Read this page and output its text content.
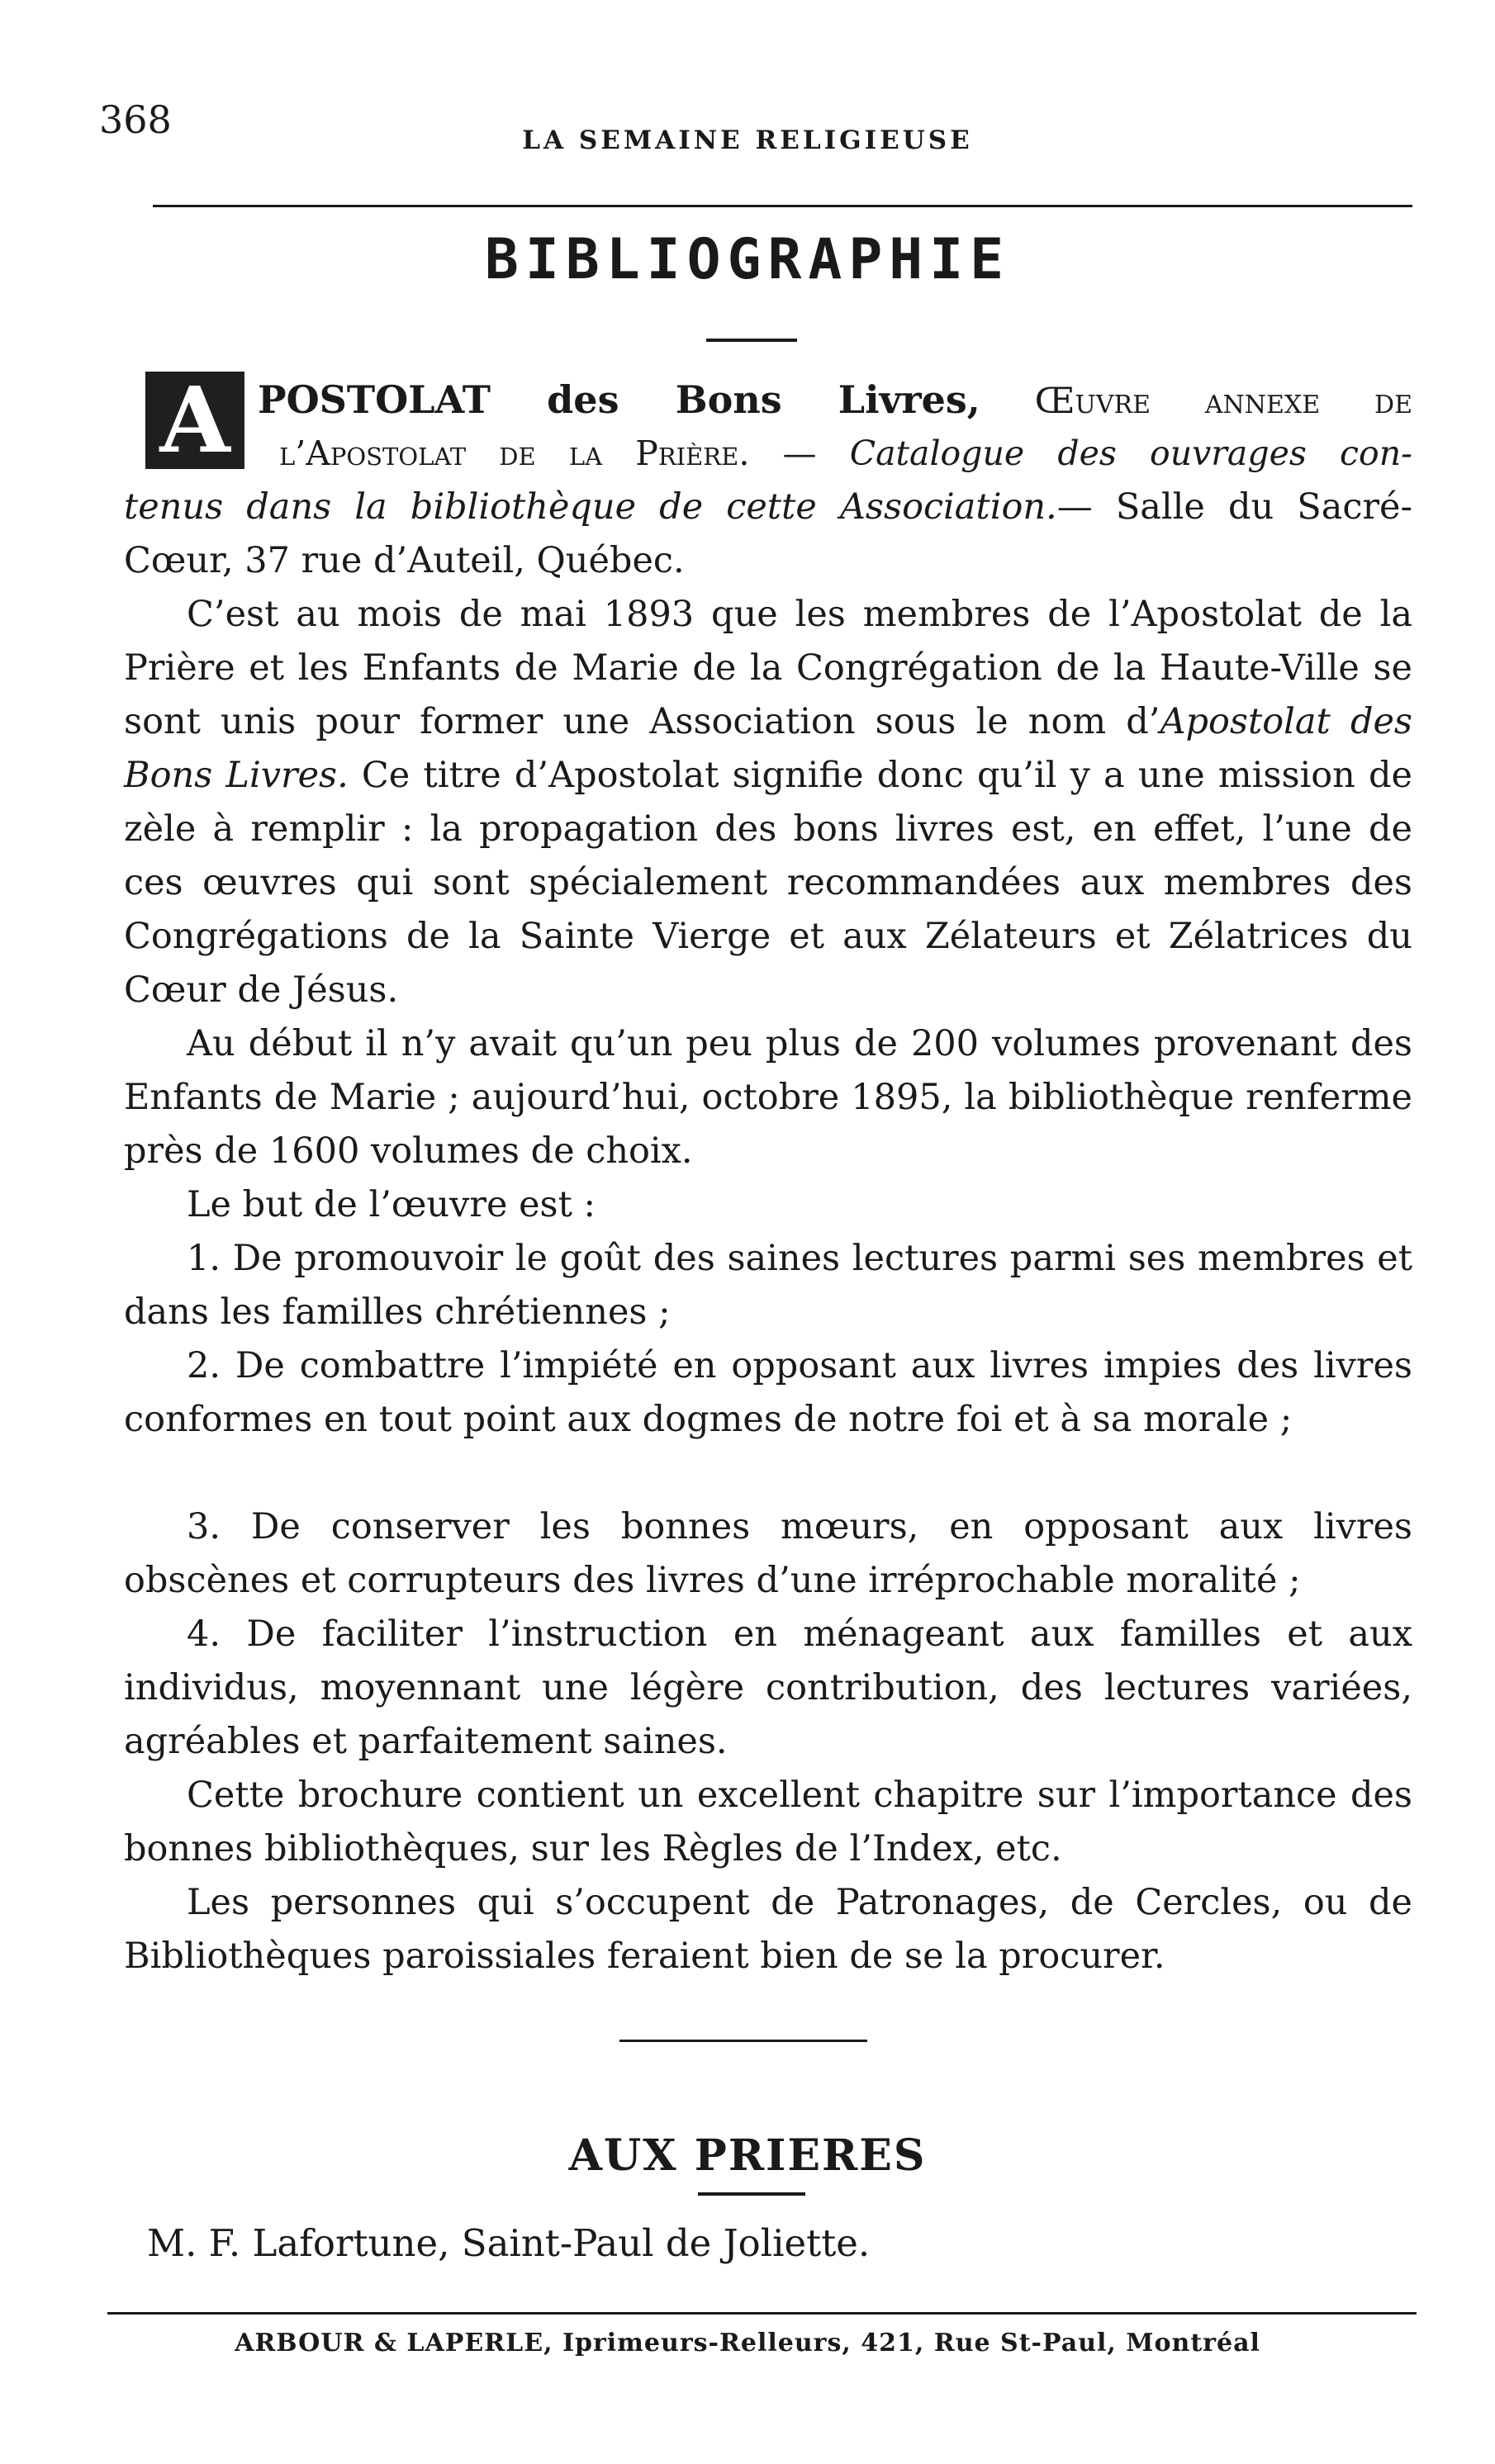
368	LA SEMAINE RELIGIEUSE
BIBLIOGRAPHIE
A POSTOLAT des Bons Livres, Œuvre annexe de
l’Apostolat de la Prière. — Catalogue des ouvrages con-
tenus dans la bibliothèque de cette Association.— Salle du Sacré-Cœur, 37 rue d’Auteil, Québec.
C’est au mois de mai 1893 que les membres de l’Apostolat de la Prière et les Enfants de Marie de la Congrégation de la Haute-Ville se sont unis pour former une Association sous le nom d’Apostolat des Bons Livres. Ce titre d’Apostolat signifie donc qu’il y a une mission de zèle à remplir : la propagation des bons livres est, en effet, l’une de ces œuvres qui sont spécialement recommandées aux membres des Congrégations de la Sainte Vierge et aux Zélateurs et Zélatrices du Cœur de Jésus.
Au début il n’y avait qu’un peu plus de 200 volumes provenant des Enfants de Marie ; aujourd’hui, octobre 1895, la bibliothèque renferme près de 1600 volumes de choix.
Le but de l’œuvre est :
1. De promouvoir le goût des saines lectures parmi ses membres et dans les familles chrétiennes ;
2. De combattre l’impiété en opposant aux livres impies des livres conformes en tout point aux dogmes de notre foi et à sa morale ;
3. De conserver les bonnes mœurs, en opposant aux livres obscènes et corrupteurs des livres d’une irréprochable moralité ;
4. De faciliter l’instruction en ménageant aux familles et aux individus, moyennant une légère contribution, des lectures variées, agréables et parfaitement saines.
Cette brochure contient un excellent chapitre sur l’importance des bonnes bibliothèques, sur les Règles de l’Index, etc.
Les personnes qui s’occupent de Patronages, de Cercles, ou de Bibliothèques paroissiales feraient bien de se la procurer.
AUX PRIERES
M. F. Lafortune, Saint-Paul de Joliette.
ARBOUR & LAPERLE, Iprimeurs-Relleurs, 421, Rue St-Paul, Montréal
